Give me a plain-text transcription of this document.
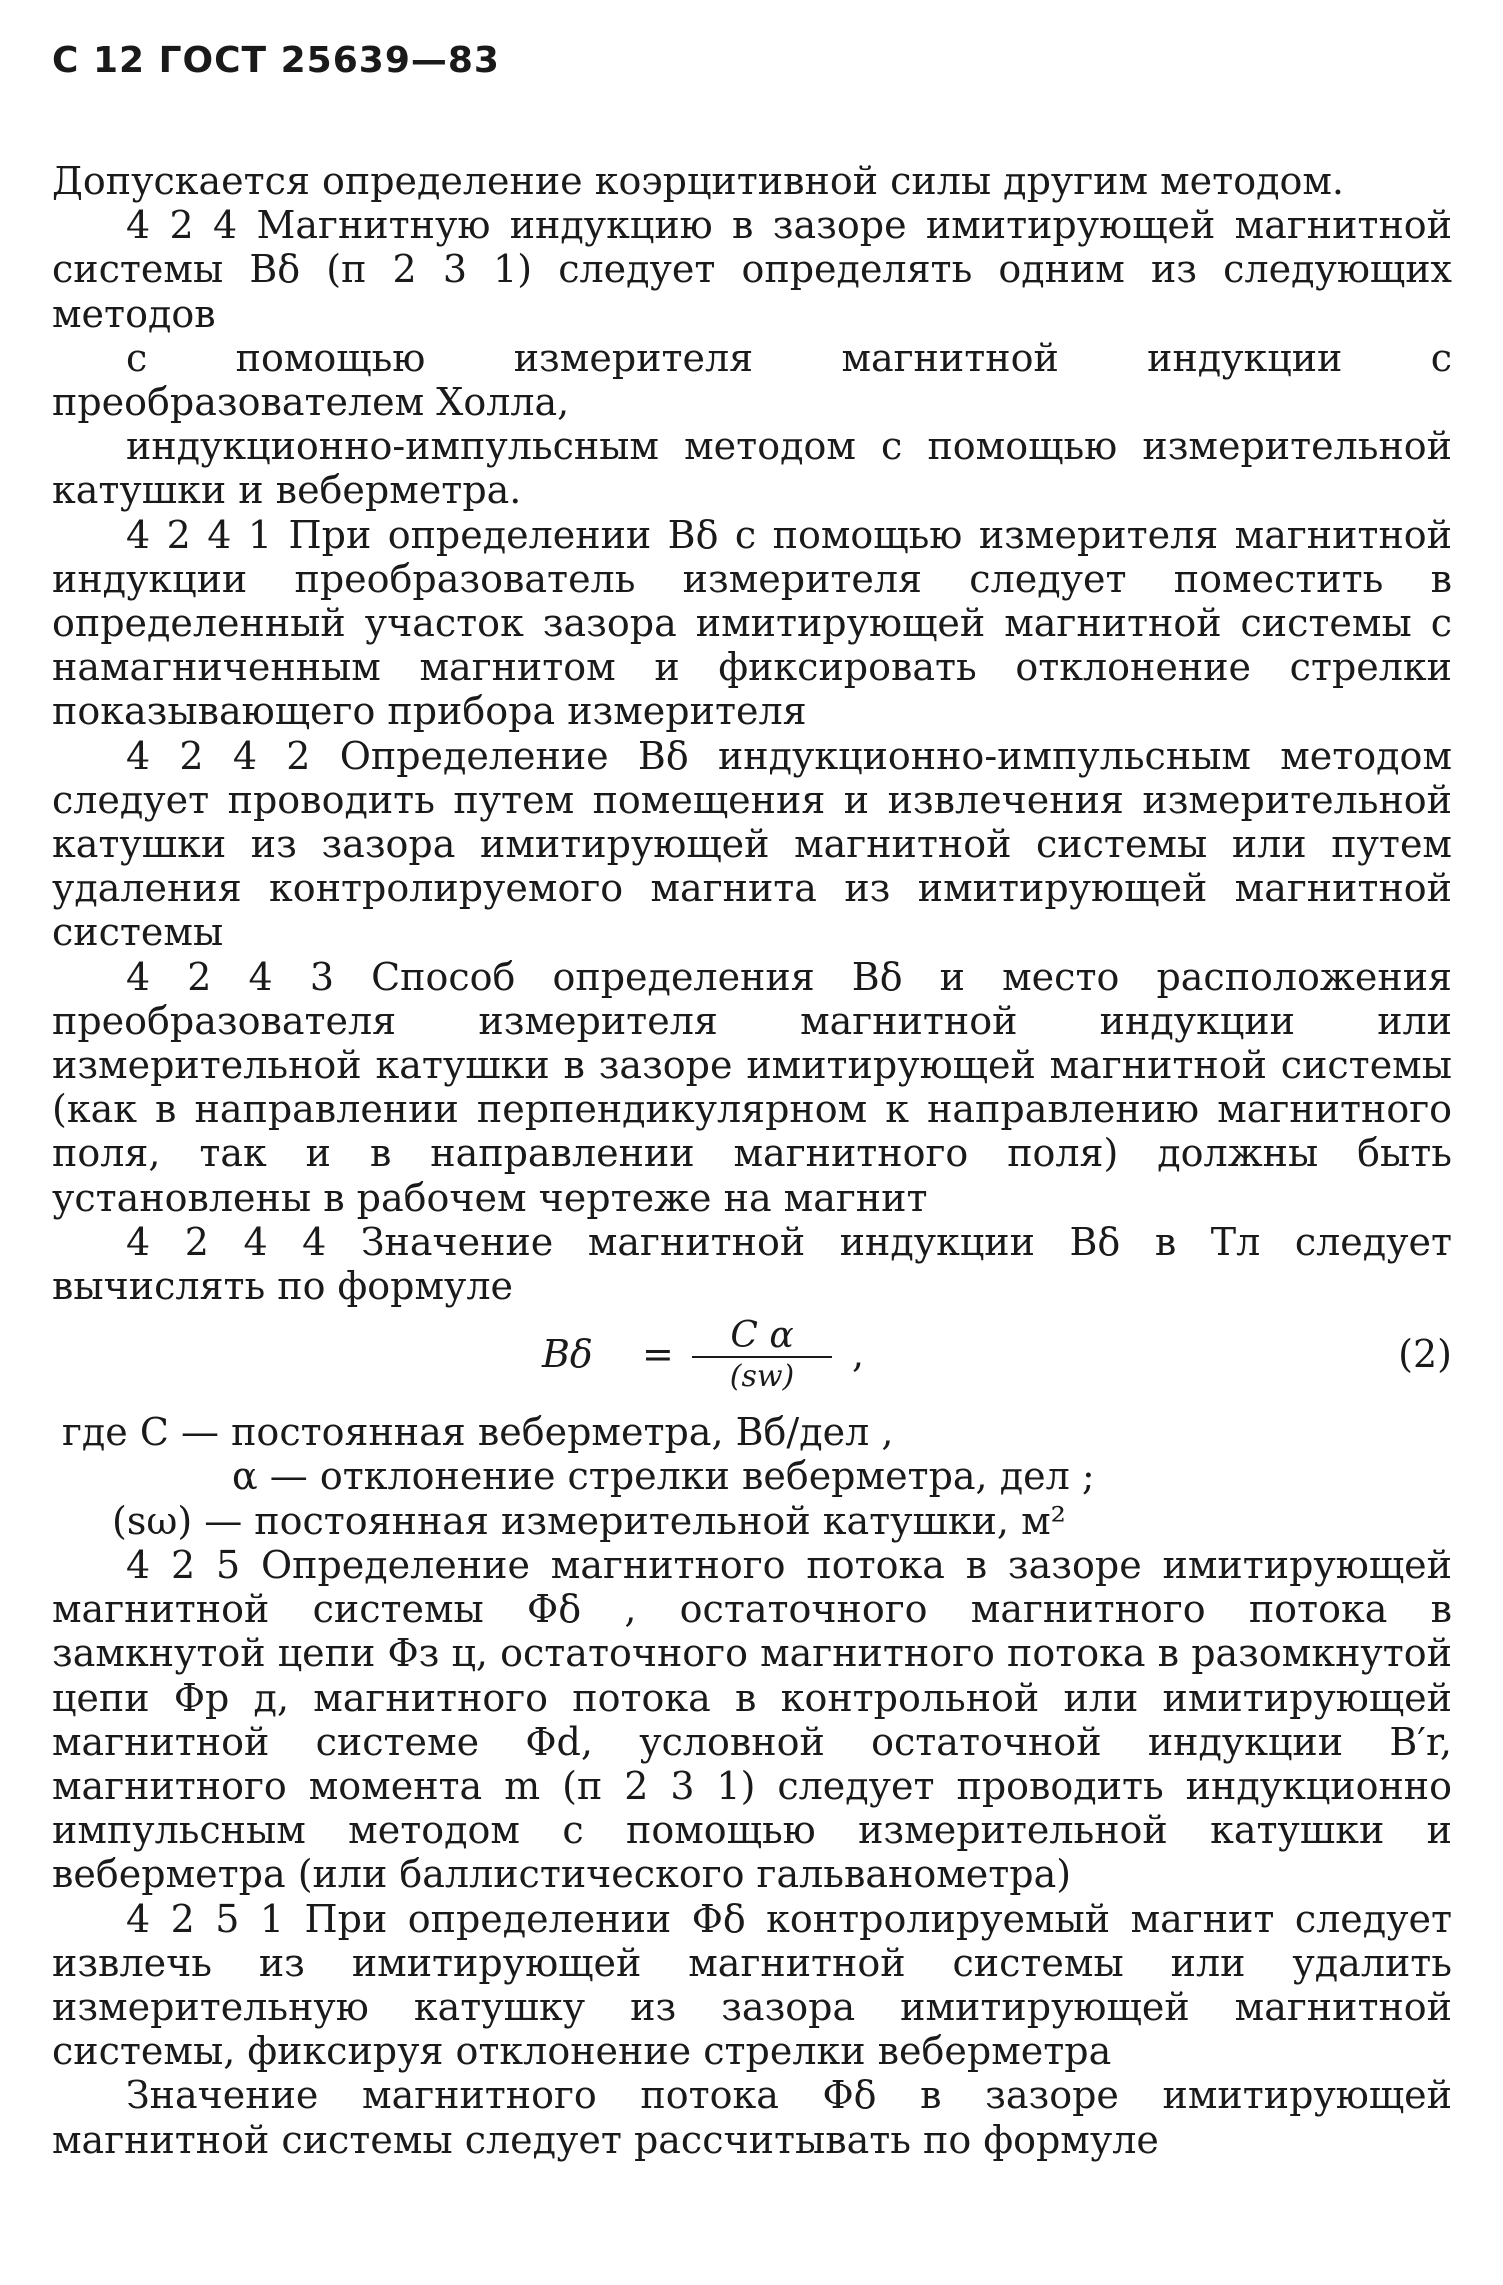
С 12 ГОСТ 25639—83

Допускается определение коэрцитивной силы другим методом.

4 2 4 Магнитную индукцию в зазоре имитирующей магнитной системы Bδ (п 2 3 1) следует определять одним из следующих методов

с помощью измерителя магнитной индукции с преобразователем Холла,

индукционно-импульсным методом с помощью измерительной катушки и веберметра.

4 2 4 1 При определении Bδ с помощью измерителя магнитной индукции преобразователь измерителя следует поместить в определенный участок зазора имитирующей магнитной системы с намагниченным магнитом и фиксировать отклонение стрелки показывающего прибора измерителя

4 2 4 2 Определение Bδ индукционно-импульсным методом следует проводить путем помещения и извлечения измерительной катушки из зазора имитирующей магнитной системы или путем удаления контролируемого магнита из имитирующей магнитной системы

4 2 4 3 Способ определения Bδ и место расположения преобразователя измерителя магнитной индукции или измерительной катушки в зазоре имитирующей магнитной системы (как в направлении перпендикулярном к направлению магнитного поля, так и в направлении магнитного поля) должны быть установлены в рабочем чертеже на магнит

4 2 4 4 Значение магнитной индукции Bδ в Тл следует вычислять по формуле

Bδ =	C α
(sw)
,	(2)
где C — постоянная веберметра, Вб/дел ,
α — отклонение стрелки веберметра, дел ;
(sω) — постоянная измерительной катушки, м²

4 2 5 Определение магнитного потока в зазоре имитирующей магнитной системы Φδ , остаточного магнитного потока в замкнутой цепи Φз ц, остаточного магнитного потока в разомкнутой цепи Φр д, магнитного потока в контрольной или имитирующей магнитной системе Φd, условной остаточной индукции B′r, магнитного момента m (п 2 3 1) следует проводить индукционно импульсным методом с помощью измерительной катушки и веберметра (или баллистического гальванометра)

4 2 5 1 При определении Φδ контролируемый магнит следует извлечь из имитирующей магнитной системы или удалить измерительную катушку из зазора имитирующей магнитной системы, фиксируя отклонение стрелки веберметра

Значение магнитного потока Φδ в зазоре имитирующей магнитной системы следует рассчитывать по формуле
